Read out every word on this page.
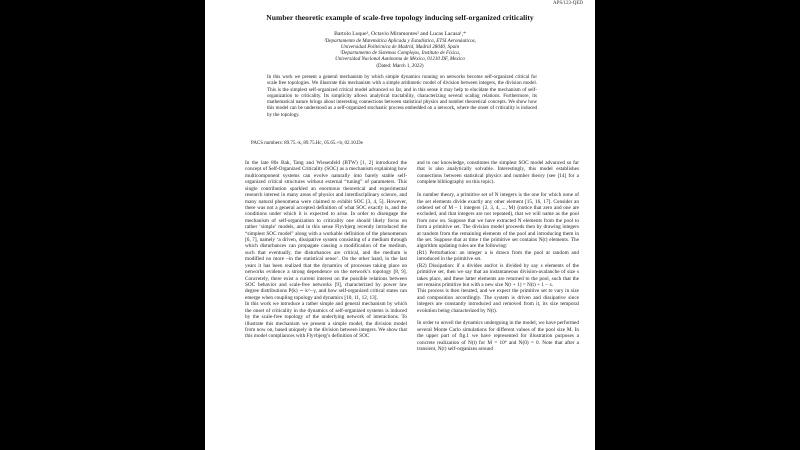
APS/123-QED
Number theoretic example of scale-free topology inducing self-organized criticality
Bartolo Luque¹, Octavio Miramontes² and Lucas Lacasa¹,*
¹Departamento de Matemática Aplicada y Estadística, ETSI Aeronáuticos,
Universidad Politécnica de Madrid, Madrid 28040, Spain
²Departamento de Sistemas Complejos, Instituto de Física,
Universidad Nacional Autónoma de México, 01210 DF, Mexico
(Dated: March 1, 2022)
In this work we present a general mechanism by which simple dynamics running on networks become self-organized critical for scale free topologies. We illustrate this mechanism with a simple arithmetic model of division between integers, the division model. This is the simplest self-organized critical model advanced so far, and in this sense it may help to elucidate the mechanism of self-organization to criticality. Its simplicity allows analytical tractability, characterizing several scaling relations. Furthermore, its mathematical nature brings about interesting connections between statistical physics and number theoretical concepts. We show how this model can be understood as a self-organized stochastic process embedded on a network, where the onset of criticality is induced by the topology.
PACS numbers: 89.75.-k, 89.75.Hc, 05.65.+b, 02.10.De

In the late 80s Bak, Tang and Wiesenfeld (BTW) [1, 2] introduced the concept of Self-Organized Criticality (SOC) as a mechanism explaining how multicomponent systems can evolve naturally into barely stable self-organized critical structures without external “tuning” of parameters. This single contribution sparkled an enormous theoretical and experimental research interest in many areas of physics and interdisciplinary science, and many natural phenomena were claimed to exhibit SOC [3, 4, 5]. However, there was not a general accepted definition of what SOC exactly is, and the conditions under which it is expected to arise. In order to disengage the mechanism of self-organization to criticality one should likely focus on rather ‘simple’ models, and in this sense Flyvbjerg recently introduced the “simplest SOC model” along with a workable definition of the phenomenon [6, 7], namely ‘a driven, dissipative system consisting of a medium through which disturbances can propagate causing a modification of the medium, such that eventually, the disturbances are critical, and the medium is modified no more –in the statistical sense’. On the other hand, in the last years it has been realized that the dynamics of processes taking place on networks evidence a strong dependence on the network’s topology [8, 9]. Concretely, there exist a current interest on the possible relations between SOC behavior and scale-free networks [9], characterized by power law degree distributions P(k) ∼ k^−γ, and how self-organized critical states can emerge when coupling topology and dynamics [10, 11, 12, 13].

In this work we introduce a rather simple and general mechanism by which the onset of criticality in the dynamics of self-organized systems is induced by the scale-free topology of the underlying network of interactions. To illustrate this mechanism we present a simple model, the division model from now on, based uniquely in the division between integers. We show that this model compliances with Flyvbjerg’s definition of SOC

and to our knowledge, constitutes the simplest SOC model advanced so far that is also analytically solvable. Interestingly, this model establishes connections between statistical physics and number theory (see [14] for a complete bibliography on this topic).

In number theory, a primitive set of N integers is the one for which none of the set elements divide exactly any other element [15, 16, 17]. Consider an ordered set of M − 1 integers {2, 3, 4, ..., M} (notice that zero and one are excluded, and that integers are not repeated), that we will name as the pool from now on. Suppose that we have extracted N elements from the pool to form a primitive set. The division model proceeds then by drawing integers at random from the remaining elements of the pool and introducing them in the set. Suppose that at time t the primitive set contains N(t) elements. The algorithm updating rules are the following:

(R1) Perturbation: an integer a is drawn from the pool at random and introduced in the primitive set.

(R2) Dissipation: if a divides and/or is divided by say s elements of the primitive set, then we say that an instantaneous division-avalanche of size s takes place, and these latter elements are returned to the pool, such that the set remains primitive but with a new size N(t + 1) = N(t) + 1 − s.

This process is then iterated, and we expect the primitive set to vary in size and composition accordingly. The system is driven and dissipative since integers are constantly introduced and removed from it, its size temporal evolution being characterized by N(t).

In order to unveil the dynamics undergoing in the model, we have performed several Monte Carlo simulations for different values of the pool size M. In the upper part of fig.1 we have represented for illustration purposes a concrete realization of N(t) for M = 10⁴ and N(0) = 0. Note that after a transient, N(t) self-organizes around
